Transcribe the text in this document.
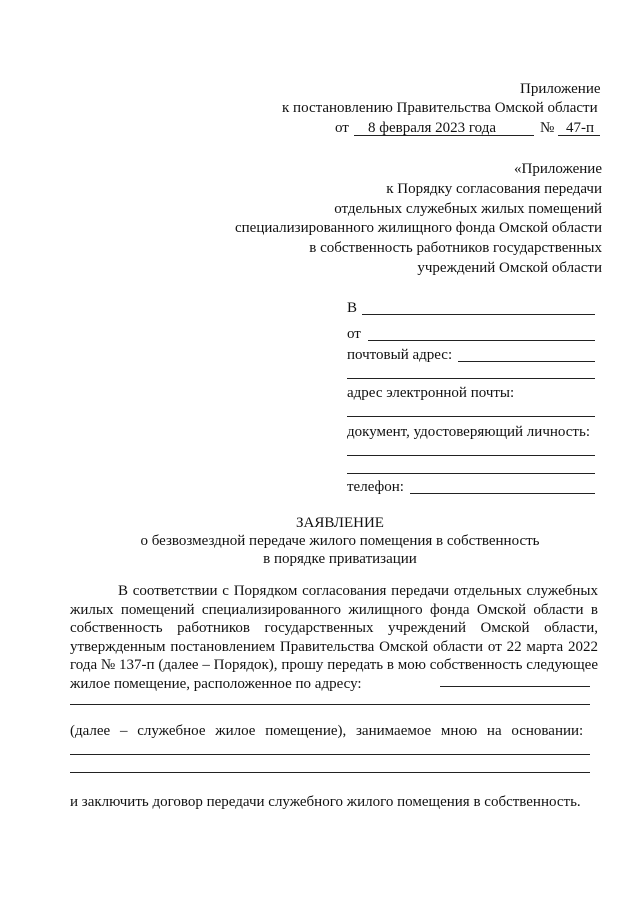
Приложение
к постановлению Правительства Омской области
от 8 февраля 2023 года	№ 47-п
«Приложение
к Порядку согласования передачи
отдельных служебных жилых помещений
специализированного жилищного фонда Омской области
в собственность работников государственных
учреждений Омской области
В
от
почтовый адрес:
адрес электронной почты:
документ, удостоверяющий личность:
телефон:
ЗАЯВЛЕНИЕ
о безвозмездной передаче жилого помещения в собственность
в порядке приватизации
В соответствии с Порядком согласования передачи отдельных служебных жилых помещений специализированного жилищного фонда Омской области в собственность работников государственных учреждений Омской области, утвержденным постановлением Правительства Омской области от 22 марта 2022 года № 137-п (далее – Порядок), прошу передать в мою собственность следующее жилое помещение, расположенное по адресу:
(далее – служебное жилое помещение), занимаемое мною на основании:
и заключить договор передачи служебного жилого помещения в собственность.
